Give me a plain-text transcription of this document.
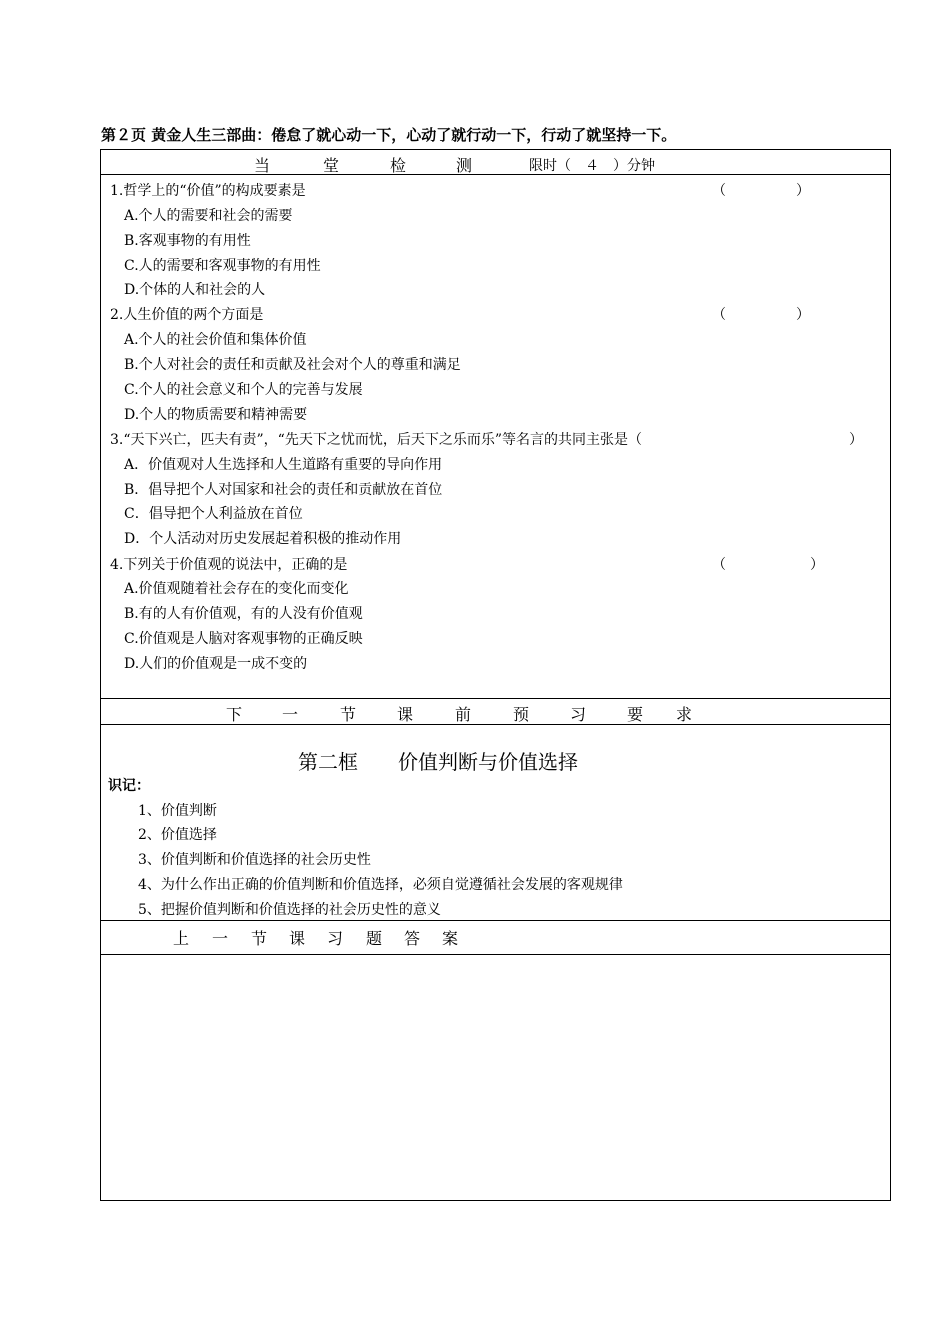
第２页 黄金人生三部曲：倦怠了就心动一下，心动了就行动一下，行动了就坚持一下。
当	堂	检	测	限时（　４　）分钟
1.哲学上的“价值”的构成要素是	（　　　　　）
A.个人的需要和社会的需要
B.客观事物的有用性
C.人的需要和客观事物的有用性
D.个体的人和社会的人
2.人生价值的两个方面是	（　　　　　）
A.个人的社会价值和集体价值
B.个人对社会的责任和贡献及社会对个人的尊重和满足
C.个人的社会意义和个人的完善与发展
D.个人的物质需要和精神需要
3.“天下兴亡，匹夫有责”，“先天下之忧而忧，后天下之乐而乐”等名言的共同主张是（	）
A．价值观对人生选择和人生道路有重要的导向作用
B．倡导把个人对国家和社会的责任和贡献放在首位
C．倡导把个人利益放在首位
D．个人活动对历史发展起着积极的推动作用
4.下列关于价值观的说法中，正确的是	（　　　　　　）
A.价值观随着社会存在的变化而变化
B.有的人有价值观，有的人没有价值观
C.价值观是人脑对客观事物的正确反映
D.人们的价值观是一成不变的
下 一	节	课	前	预	习	要 求
第二框　　价值判断与价值选择
识记：
1、价值判断
2、价值选择
3、价值判断和价值选择的社会历史性
4、为什么作出正确的价值判断和价值选择，必须自觉遵循社会发展的客观规律
5、把握价值判断和价值选择的社会历史性的意义
上 一 节 课 习 题 答 案
